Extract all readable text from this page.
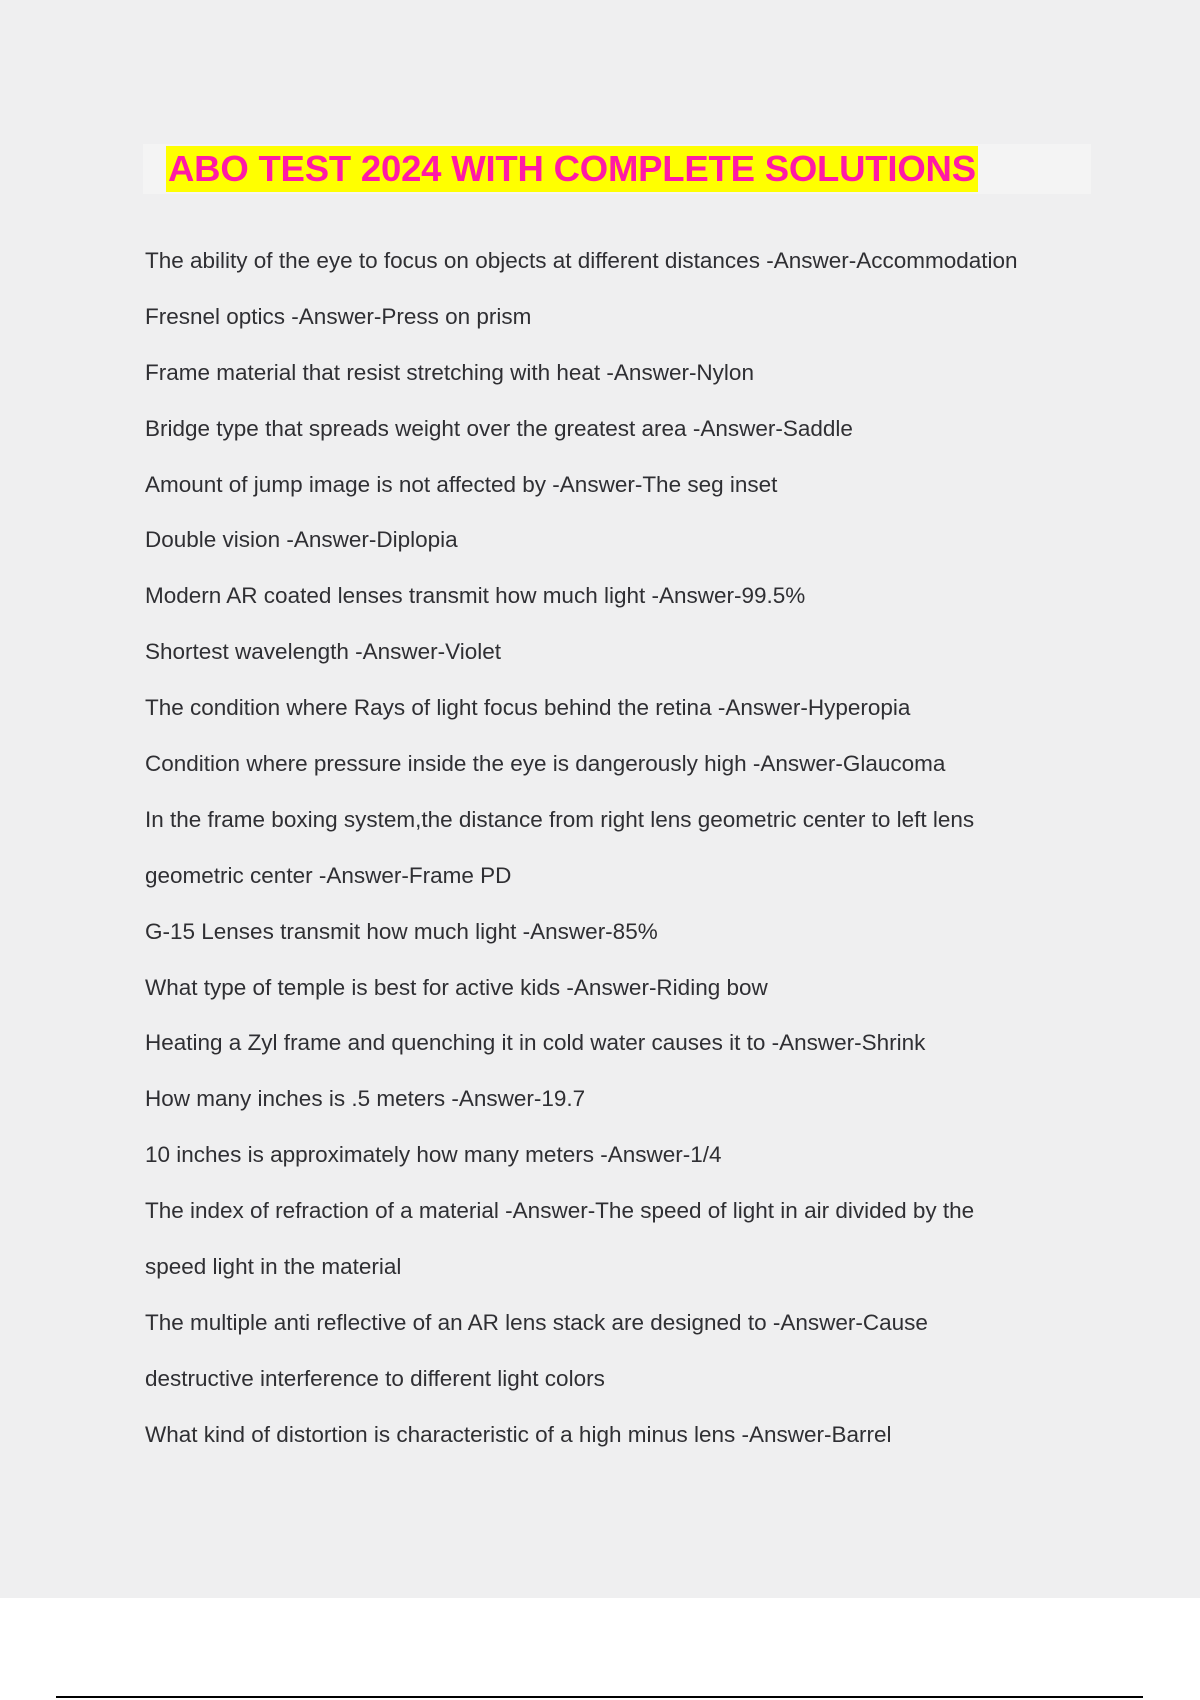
ABO TEST 2024 WITH COMPLETE SOLUTIONS
The ability of the eye to focus on objects at different distances -Answer-Accommodation
Fresnel optics -Answer-Press on prism
Frame material that resist stretching with heat -Answer-Nylon
Bridge type that spreads weight over the greatest area -Answer-Saddle
Amount of jump image is not affected by -Answer-The seg inset
Double vision -Answer-Diplopia
Modern AR coated lenses transmit how much light -Answer-99.5%
Shortest wavelength -Answer-Violet
The condition where Rays of light focus behind the retina -Answer-Hyperopia
Condition where pressure inside the eye is dangerously high -Answer-Glaucoma
In the frame boxing system,the distance from right lens geometric center to left lens
geometric center -Answer-Frame PD
G-15 Lenses transmit how much light -Answer-85%
What type of temple is best for active kids -Answer-Riding bow
Heating a Zyl frame and quenching it in cold water causes it to -Answer-Shrink
How many inches is .5 meters -Answer-19.7
10 inches is approximately how many meters -Answer-1/4
The index of refraction of a material -Answer-The speed of light in air divided by the
speed light in the material
The multiple anti reflective of an AR lens stack are designed to -Answer-Cause
destructive interference to different light colors
What kind of distortion is characteristic of a high minus lens -Answer-Barrel
